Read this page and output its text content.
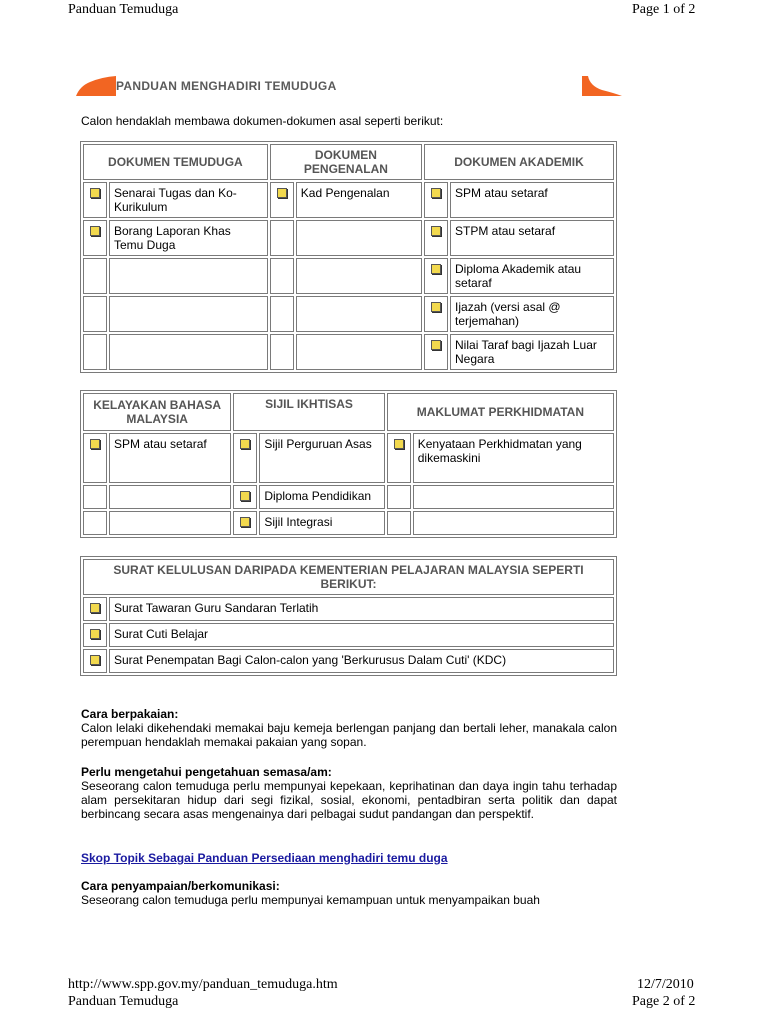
Panduan Temuduga	Page 1 of 2
PANDUAN MENGHADIRI TEMUDUGA
Calon hendaklah membawa dokumen-dokumen asal seperti berikut:
DOKUMEN TEMUDUGA		DOKUMEN PENGENALAN		DOKUMEN AKADEMIK	
	Senarai Tugas dan Ko-Kurikulum		Kad Pengenalan		SPM atau setaraf
	Borang Laporan Khas Temu Duga				STPM atau setaraf
					Diploma Akademik atau setaraf
					Ijazah (versi asal @ terjemahan)
					Nilai Taraf bagi Ijazah Luar Negara
KELAYAKAN BAHASA MALAYSIA		SIJIL IKHTISAS		MAKLUMAT PERKHIDMATAN	
	SPM atau setaraf		Sijil Perguruan Asas		Kenyataan Perkhidmatan yang dikemaskini
			Diploma Pendidikan		
			Sijil Integrasi		
SURAT KELULUSAN DARIPADA KEMENTERIAN PELAJARAN MALAYSIA SEPERTI BERIKUT:	
	Surat Tawaran Guru Sandaran Terlatih
	Surat Cuti Belajar
	Surat Penempatan Bagi Calon-calon yang 'Berkurusus Dalam Cuti' (KDC)
Cara berpakaian:
Calon lelaki dikehendaki memakai baju kemeja berlengan panjang dan bertali leher, manakala calon perempuan hendaklah memakai pakaian yang sopan.
Perlu mengetahui pengetahuan semasa/am:
Seseorang calon temuduga perlu mempunyai kepekaan, keprihatinan dan daya ingin tahu terhadap alam persekitaran hidup dari segi fizikal, sosial, ekonomi, pentadbiran serta politik dan dapat berbincang secara asas mengenainya dari pelbagai sudut pandangan dan perspektif.
Skop Topik Sebagai Panduan Persediaan menghadiri temu duga
Cara penyampaian/berkomunikasi:
Seseorang calon temuduga perlu mempunyai kemampuan untuk menyampaikan buah
http://www.spp.gov.my/panduan_temuduga.htm	12/7/2010
Panduan Temuduga	Page 2 of 2
